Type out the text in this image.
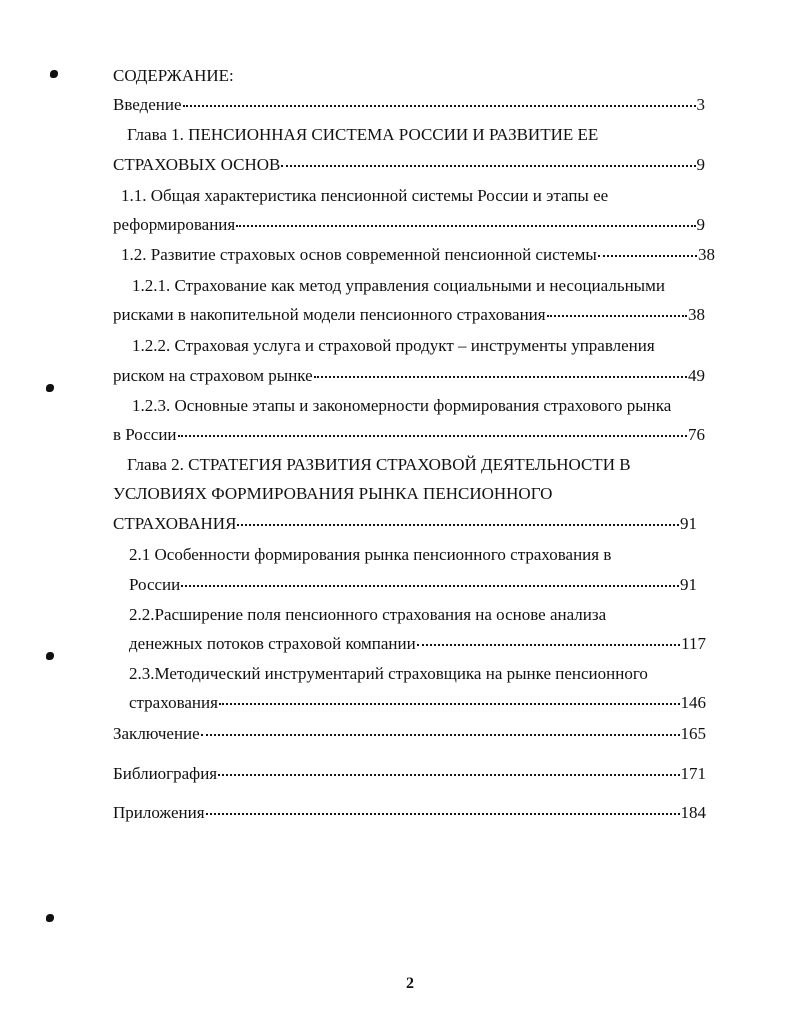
СОДЕРЖАНИЕ:
Введение	3
Глава 1. ПЕНСИОННАЯ СИСТЕМА РОССИИ И РАЗВИТИЕ ЕЕ
СТРАХОВЫХ ОСНОВ	9
1.1. Общая характеристика пенсионной системы России и этапы ее
реформирования	9
1.2. Развитие страховых основ современной пенсионной системы	38
1.2.1. Страхование как метод управления социальными и несоциальными
рисками в накопительной модели пенсионного страхования	38
1.2.2. Страховая услуга и страховой продукт – инструменты управления
риском на страховом рынке	49
1.2.3. Основные этапы и закономерности формирования страхового рынка
в России	76
Глава 2. СТРАТЕГИЯ РАЗВИТИЯ СТРАХОВОЙ ДЕЯТЕЛЬНОСТИ В
УСЛОВИЯХ ФОРМИРОВАНИЯ РЫНКА ПЕНСИОННОГО
СТРАХОВАНИЯ	91
2.1 Особенности формирования рынка пенсионного страхования в
России	91
2.2.Расширение поля пенсионного страхования на основе анализа
денежных потоков страховой компании	117
2.3.Методический инструментарий страховщика на рынке пенсионного
страхования	146
Заключение	165
Библиография	171
Приложения	184
2
